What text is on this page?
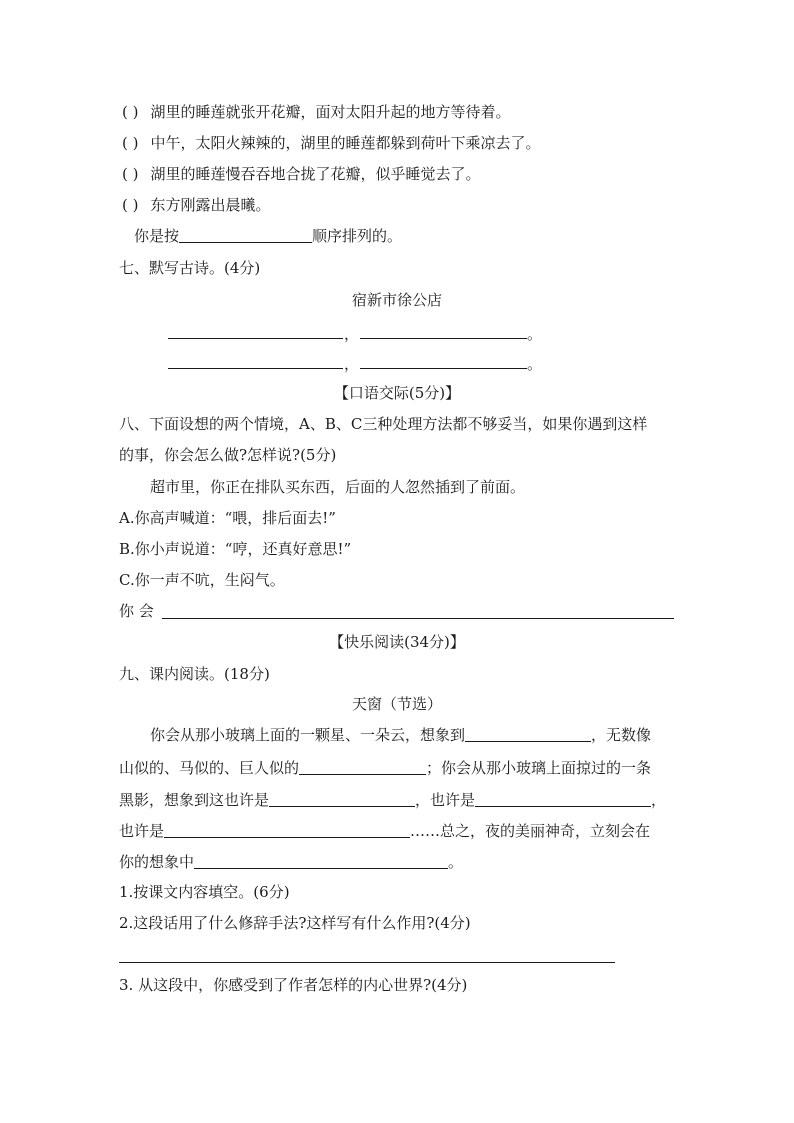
( ) 湖里的睡莲就张开花瓣，面对太阳升起的地方等待着。
( ) 中午，太阳火辣辣的，湖里的睡莲都躲到荷叶下乘凉去了。
( ) 湖里的睡莲慢吞吞地合拢了花瓣，似乎睡觉去了。
( ) 东方刚露出晨曦。
你是按	顺序排列的。
七、默写古诗。(4分)
宿新市徐公店
，	。
，	。
【口语交际(5分)】
八、下面设想的两个情境，A、B、C三种处理方法都不够妥当，如果你遇到这样
的事，你会怎么做?怎样说?(5分)
超市里，你正在排队买东西，后面的人忽然插到了前面。
A.你高声喊道：“喂，排后面去!”
B.你小声说道：“哼，还真好意思!”
C.你一声不吭，生闷气。
你 会
【快乐阅读(34分)】
九、课内阅读。(18分)
天窗（节选）
你会从那小玻璃上面的一颗星、一朵云，想象到	，无数像
山似的、马似的、巨人似的	；你会从那小玻璃上面掠过的一条
黑影，想象到这也许是	，也许是	，
也许是	……总之，夜的美丽神奇，立刻会在
你的想象中	。
1.按课文内容填空。(6分)
2.这段话用了什么修辞手法?这样写有什么作用?(4分)
3. 从这段中，你感受到了作者怎样的内心世界?(4分)
